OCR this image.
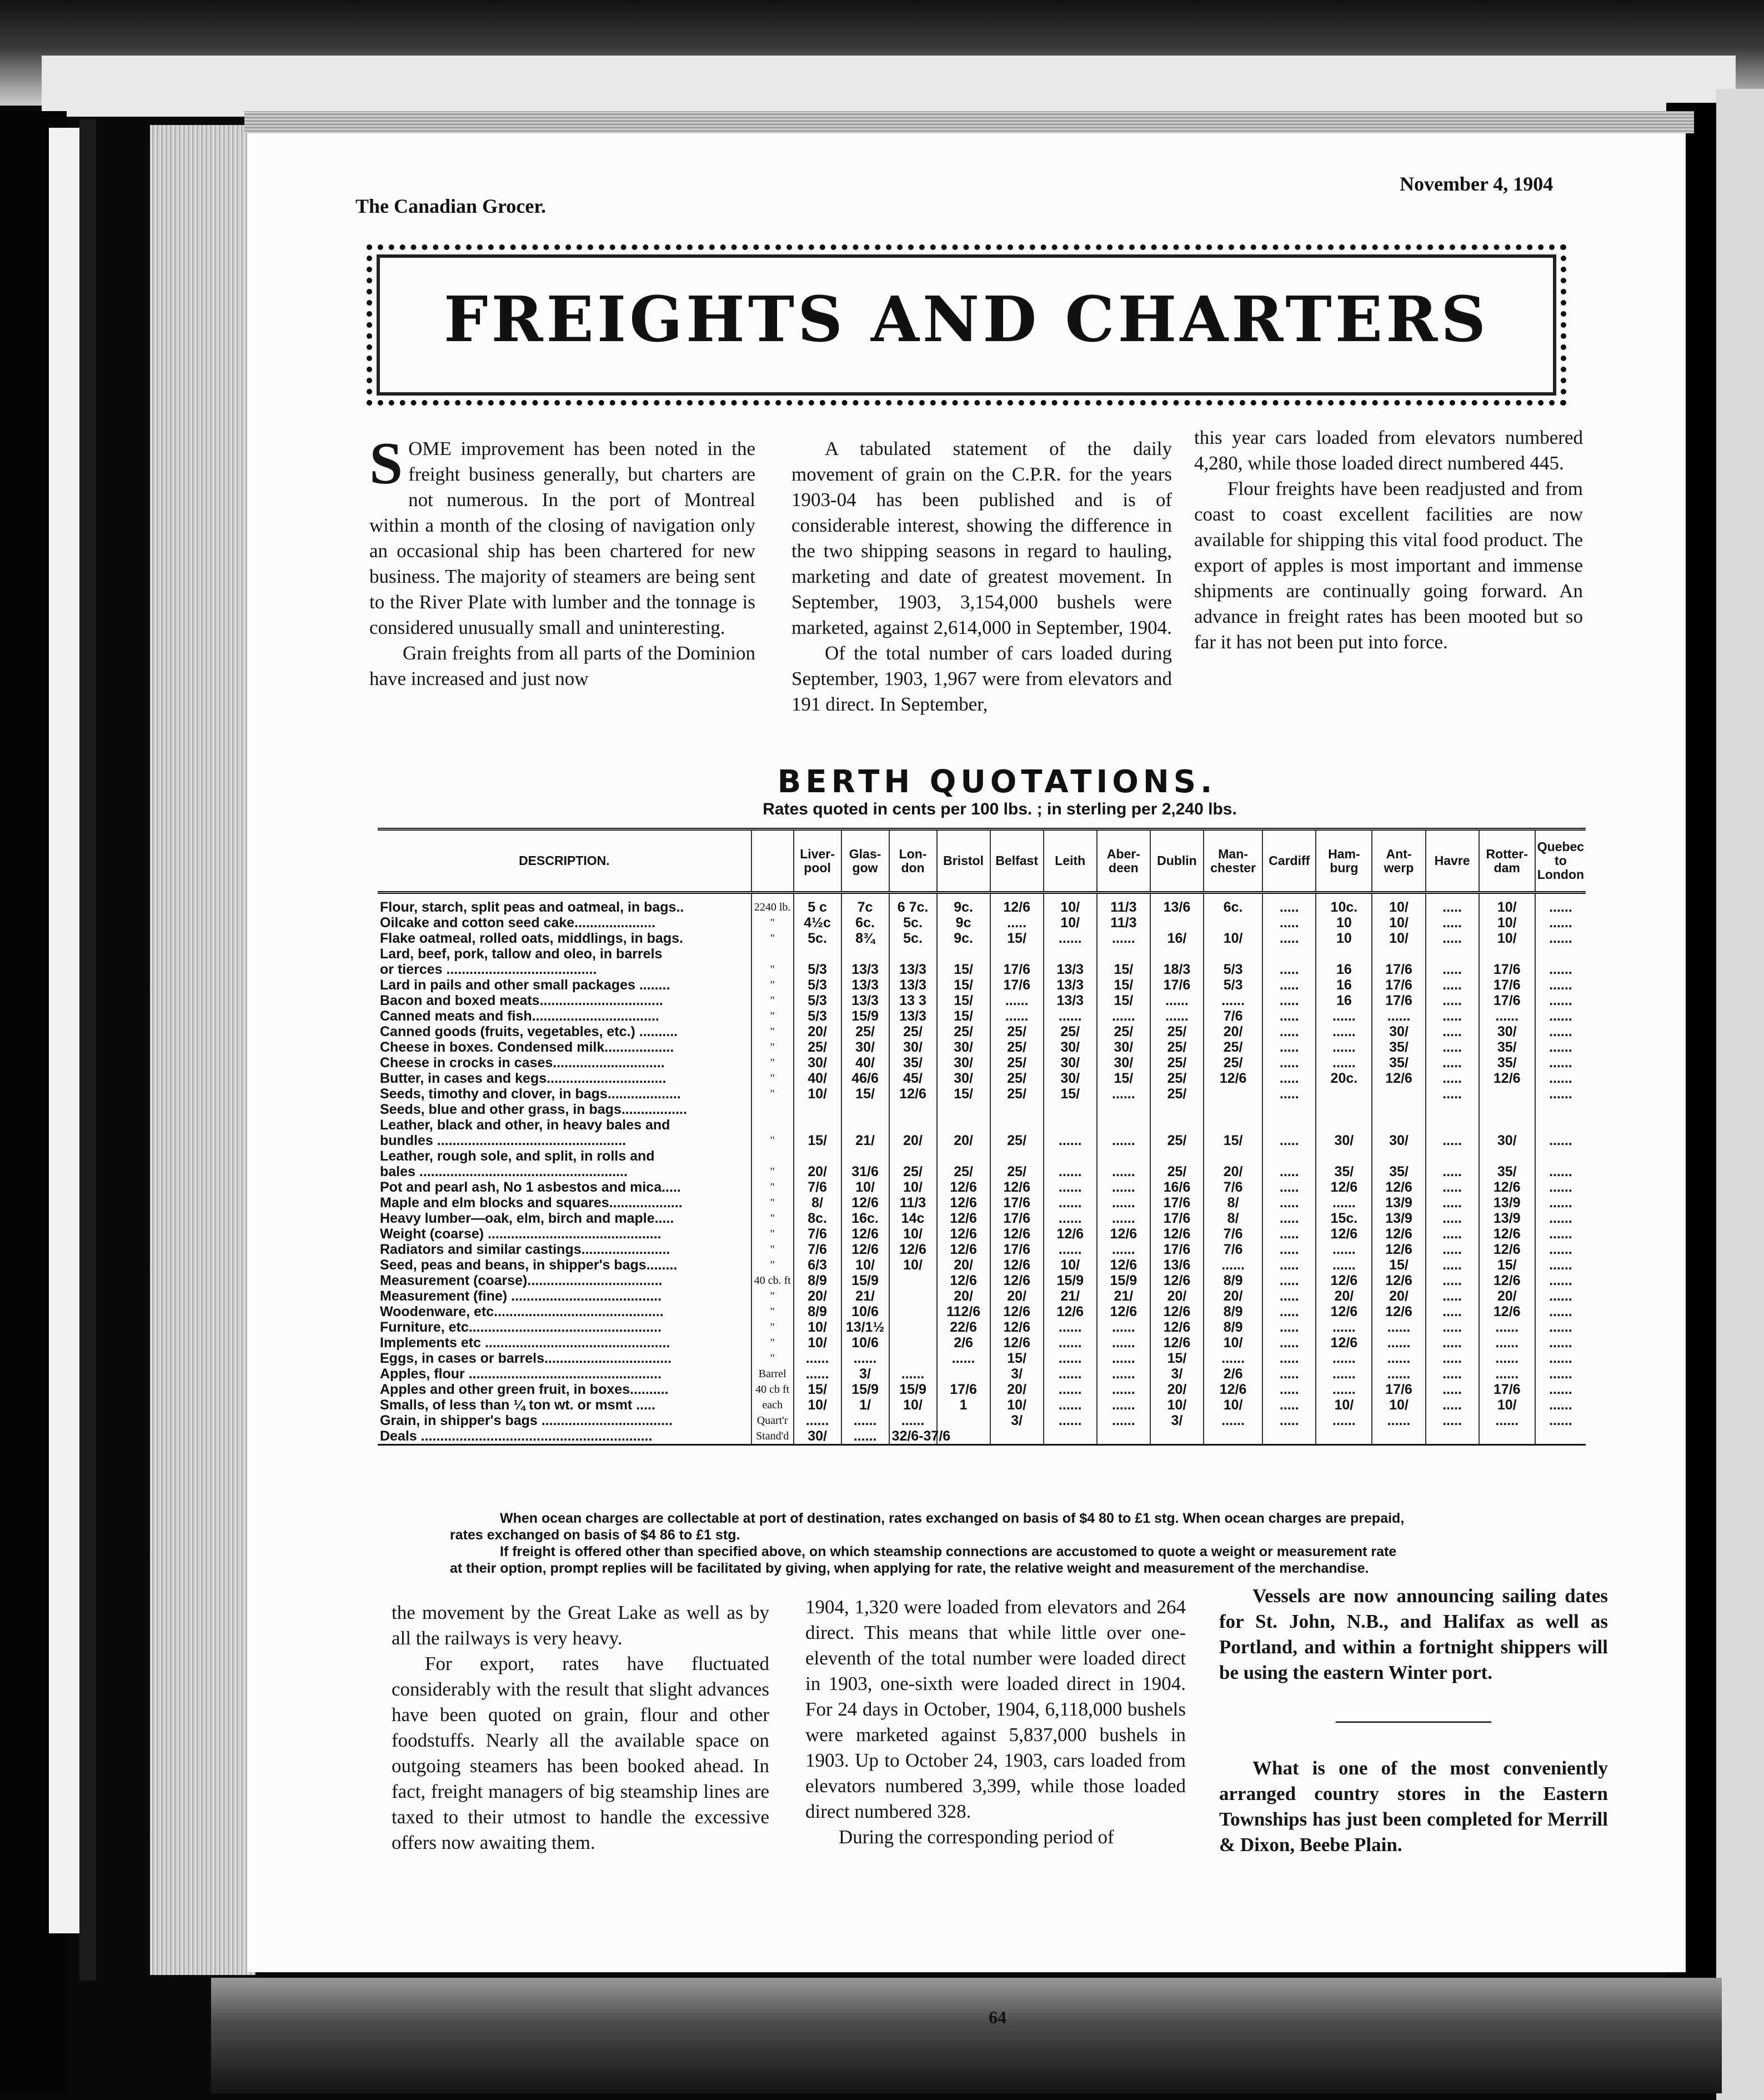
▼
The Canadian Grocer.
November 4, 1904
FREIGHTS AND CHARTERS

SOME improvement has been noted in the freight business generally, but charters are not numerous. In the port of Montreal within a month of the closing of navigation only an occasional ship has been chartered for new business. The majority of steamers are being sent to the River Plate with lumber and the tonnage is considered unusually small and uninteresting.

Grain freights from all parts of the Dominion have increased and just now

A tabulated statement of the daily movement of grain on the C.P.R. for the years 1903-04 has been published and is of considerable interest, showing the difference in the two shipping seasons in regard to hauling, marketing and date of greatest movement. In September, 1903, 3,154,000 bushels were marketed, against 2,614,000 in September, 1904.

Of the total number of cars loaded during September, 1903, 1,967 were from elevators and 191 direct. In September,

this year cars loaded from elevators numbered 4,280, while those loaded direct numbered 445.

Flour freights have been readjusted and from coast to coast excellent facilities are now available for shipping this vital food product. The export of apples is most important and immense shipments are continually going forward. An advance in freight rates has been mooted but so far it has not been put into force.

BERTH QUOTATIONS.
Rates quoted in cents per 100 lbs. ; in sterling per 2,240 lbs.
DESCRIPTION.		Liver-pool	Glas-gow	Lon-don	Bristol	Belfast	Leith	Aber-deen	Dublin	Man-chester	Cardiff	Ham-burg	Ant-werp	Havre	Rotter-dam	Quebec to London
Flour, starch, split peas and oatmeal, in bags..	2240 lb.	5 c	7c	6 7c.	9c.	12/6	10/	11/3	13/6	6c.	.....	10c.	10/	.....	10/	......
Oilcake and cotton seed cake.....................	"	4½c	6c.	5c.	9c	.....	10/	11/3			.....	10	10/	.....	10/	......
Flake oatmeal, rolled oats, middlings, in bags.	"	5c.	8¾	5c.	9c.	15/	......	......	16/	10/	.....	10	10/	.....	10/	......
Lard, beef, pork, tallow and oleo, in barrels																
or tierces .......................................	"	5/3	13/3	13/3	15/	17/6	13/3	15/	18/3	5/3	.....	16	17/6	.....	17/6	......
Lard in pails and other small packages ........	"	5/3	13/3	13/3	15/	17/6	13/3	15/	17/6	5/3	.....	16	17/6	.....	17/6	......
Bacon and boxed meats................................	"	5/3	13/3	13 3	15/	......	13/3	15/	......	......	.....	16	17/6	.....	17/6	......
Canned meats and fish.................................	"	5/3	15/9	13/3	15/	......	......	......	......	7/6	.....	......	......	.....	......	......
Canned goods (fruits, vegetables, etc.) ..........	"	20/	25/	25/	25/	25/	25/	25/	25/	20/	.....	......	30/	.....	30/	......
Cheese in boxes. Condensed milk..................	"	25/	30/	30/	30/	25/	30/	30/	25/	25/	.....	......	35/	.....	35/	......
Cheese in crocks in cases.............................	"	30/	40/	35/	30/	25/	30/	30/	25/	25/	.....	......	35/	.....	35/	......
Butter, in cases and kegs...............................	"	40/	46/6	45/	30/	25/	30/	15/	25/	12/6	.....	20c.	12/6	.....	12/6	......
Seeds, timothy and clover, in bags...................	"	10/	15/	12/6	15/	25/	15/	......	25/		.....			.....		......
Seeds, blue and other grass, in bags.................																
Leather, black and other, in heavy bales and																
bundles .................................................	"	15/	21/	20/	20/	25/	......	......	25/	15/	.....	30/	30/	.....	30/	......
Leather, rough sole, and split, in rolls and																
bales ......................................................	"	20/	31/6	25/	25/	25/	......	......	25/	20/	.....	35/	35/	.....	35/	......
Pot and pearl ash, No 1 asbestos and mica.....	"	7/6	10/	10/	12/6	12/6	......	......	16/6	7/6	.....	12/6	12/6	.....	12/6	......
Maple and elm blocks and squares...................	"	8/	12/6	11/3	12/6	17/6	......	......	17/6	8/	.....	......	13/9	.....	13/9	......
Heavy lumber—oak, elm, birch and maple.....	"	8c.	16c.	14c	12/6	17/6	......	......	17/6	8/	.....	15c.	13/9	.....	13/9	......
Weight (coarse) .............................................	"	7/6	12/6	10/	12/6	12/6	12/6	12/6	12/6	7/6	.....	12/6	12/6	.....	12/6	......
Radiators and similar castings.......................	"	7/6	12/6	12/6	12/6	17/6	......	......	17/6	7/6	.....	......	12/6	.....	12/6	......
Seed, peas and beans, in shipper's bags........	"	6/3	10/	10/	20/	12/6	10/	12/6	13/6	......	.....	......	15/	.....	15/	......
Measurement (coarse)...................................	40 cb. ft	8/9	15/9		12/6	12/6	15/9	15/9	12/6	8/9	.....	12/6	12/6	.....	12/6	......
Measurement (fine) .......................................	"	20/	21/		20/	20/	21/	21/	20/	20/	.....	20/	20/	.....	20/	......
Woodenware, etc............................................	"	8/9	10/6		112/6	12/6	12/6	12/6	12/6	8/9	.....	12/6	12/6	.....	12/6	......
Furniture, etc..................................................	"	10/	13/1½		22/6	12/6	......	......	12/6	8/9	.....	......	......	.....	......	......
Implements etc ................................................	"	10/	10/6		2/6	12/6	......	......	12/6	10/	.....	12/6	......	.....	......	......
Eggs, in cases or barrels.................................	"	......	......		......	15/	......	......	15/	......	.....	......	......	.....	......	......
Apples, flour ..................................................	Barrel	......	3/	......		3/	......	......	3/	2/6	.....	......	......	.....	......	......
Apples and other green fruit, in boxes..........	40 cb ft	15/	15/9	15/9	17/6	20/	......	......	20/	12/6	.....	......	17/6	.....	17/6	......
Smalls, of less than ¼ ton wt. or msmt .....	each	10/	1/	10/	1	10/	......	......	10/	10/	.....	10/	10/	.....	10/	......
Grain, in shipper's bags ..................................	Quart'r	......	......	......		3/	......	......	3/	......	.....	......	......	.....	......	......
Deals ............................................................	Stand'd	30/	......	32/6-37/6												

When ocean charges are collectable at port of destination, rates exchanged on basis of $4 80 to £1 stg. When ocean charges are prepaid,

rates exchanged on basis of $4 86 to £1 stg.

If freight is offered other than specified above, on which steamship connections are accustomed to quote a weight or measurement rate

at their option, prompt replies will be facilitated by giving, when applying for rate, the relative weight and measurement of the merchandise.

the movement by the Great Lake as well as by all the railways is very heavy.

For export, rates have fluctuated considerably with the result that slight advances have been quoted on grain, flour and other foodstuffs. Nearly all the available space on outgoing steamers has been booked ahead. In fact, freight managers of big steamship lines are taxed to their utmost to handle the excessive offers now awaiting them.

1904, 1,320 were loaded from elevators and 264 direct. This means that while little over one-eleventh of the total number were loaded direct in 1903, one-sixth were loaded direct in 1904. For 24 days in October, 1904, 6,118,000 bushels were marketed against 5,837,000 bushels in 1903. Up to October 24, 1903, cars loaded from elevators numbered 3,399, while those loaded direct numbered 328.

During the corresponding period of

Vessels are now announcing sailing dates for St. John, N.B., and Halifax as well as Portland, and within a fortnight shippers will be using the eastern Winter port.

————————

What is one of the most conveniently arranged country stores in the Eastern Townships has just been completed for Merrill & Dixon, Beebe Plain.

64
